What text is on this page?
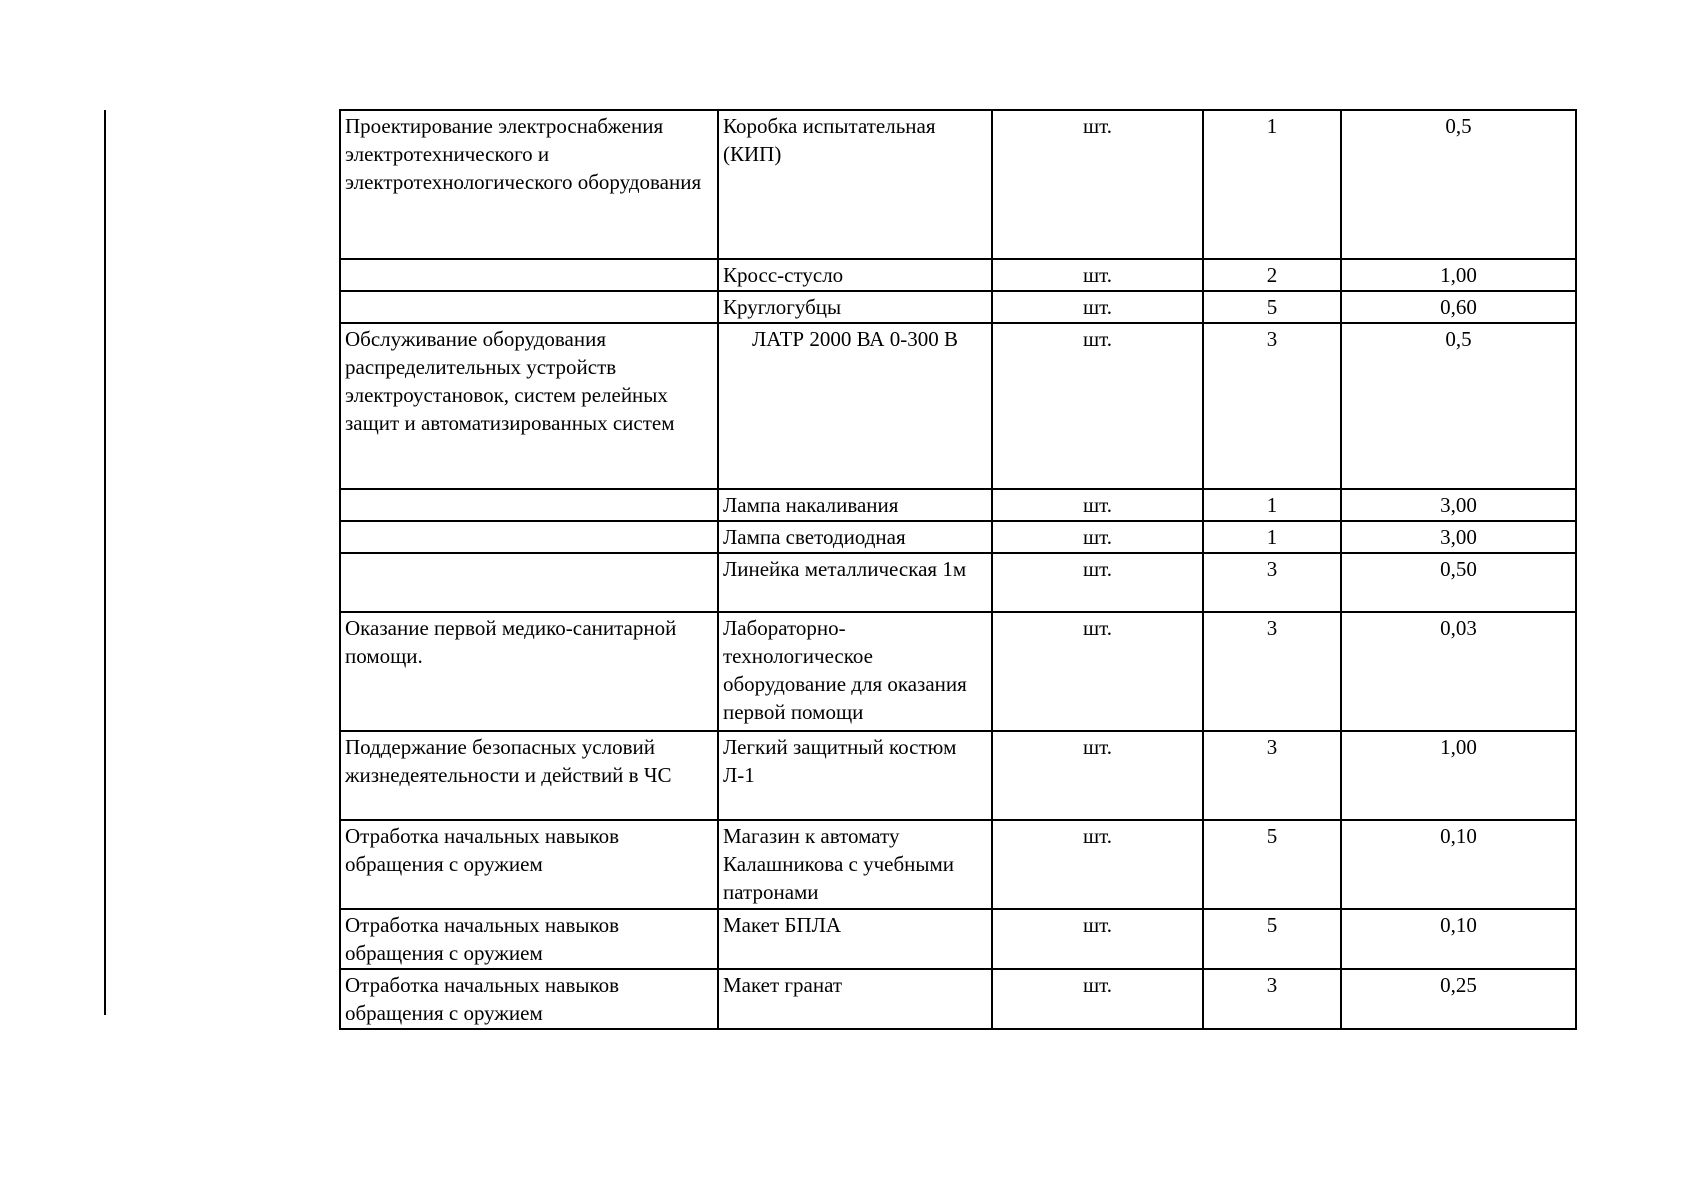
Проектирование электроснабжения электротехнического и электротехнологического оборудования	Коробка испытательная (КИП)	шт.	1	0,5
	Кросс-стусло	шт.	2	1,00
	Круглогубцы	шт.	5	0,60
Обслуживание оборудования распределительных устройств электроустановок, систем релейных защит и автоматизированных систем	ЛАТР 2000 ВА 0-300 В	шт.	3	0,5
	Лампа накаливания	шт.	1	3,00
	Лампа светодиодная	шт.	1	3,00
	Линейка металлическая 1м	шт.	3	0,50
Оказание первой медико-санитарной помощи.	Лабораторно-технологическое оборудование для оказания первой помощи	шт.	3	0,03
Поддержание безопасных условий жизнедеятельности и действий в ЧС	Легкий защитный костюм Л-1	шт.	3	1,00
Отработка начальных навыков обращения с оружием	Магазин к автомату Калашникова с учебными патронами	шт.	5	0,10
Отработка начальных навыков обращения с оружием	Макет БПЛА	шт.	5	0,10
Отработка начальных навыков обращения с оружием	Макет гранат	шт.	3	0,25
